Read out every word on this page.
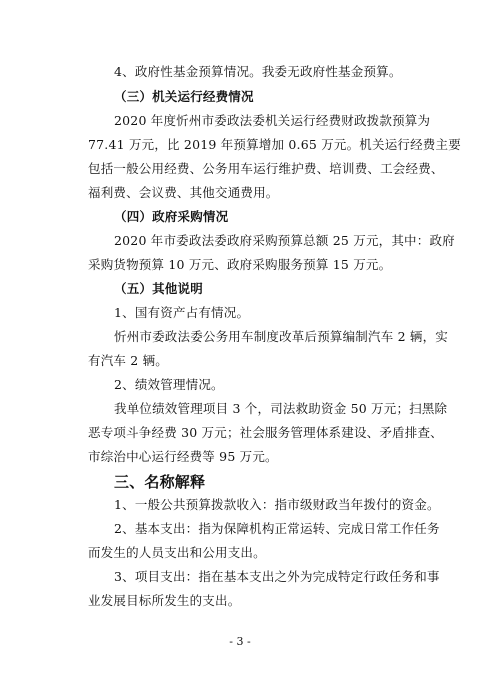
4、政府性基金预算情况。我委无政府性基金预算。
（三）机关运行经费情况
2020 年度忻州市委政法委机关运行经费财政拨款预算为
77.41 万元，比 2019 年预算增加 0.65 万元。机关运行经费主要
包括一般公用经费、公务用车运行维护费、培训费、工会经费、
福利费、会议费、其他交通费用。
（四）政府采购情况
2020 年市委政法委政府采购预算总额 25 万元，其中：政府
采购货物预算 10 万元、政府采购服务预算 15 万元。
（五）其他说明
1、国有资产占有情况。
忻州市委政法委公务用车制度改革后预算编制汽车 2 辆，实
有汽车 2 辆。
2、绩效管理情况。
我单位绩效管理项目 3 个，司法救助资金 50 万元；扫黑除
恶专项斗争经费 30 万元；社会服务管理体系建设、矛盾排查、
市综治中心运行经费等 95 万元。
三、名称解释
1、一般公共预算拨款收入：指市级财政当年拨付的资金。
2、基本支出：指为保障机构正常运转、完成日常工作任务
而发生的人员支出和公用支出。
3、项目支出：指在基本支出之外为完成特定行政任务和事
业发展目标所发生的支出。
- 3 -
